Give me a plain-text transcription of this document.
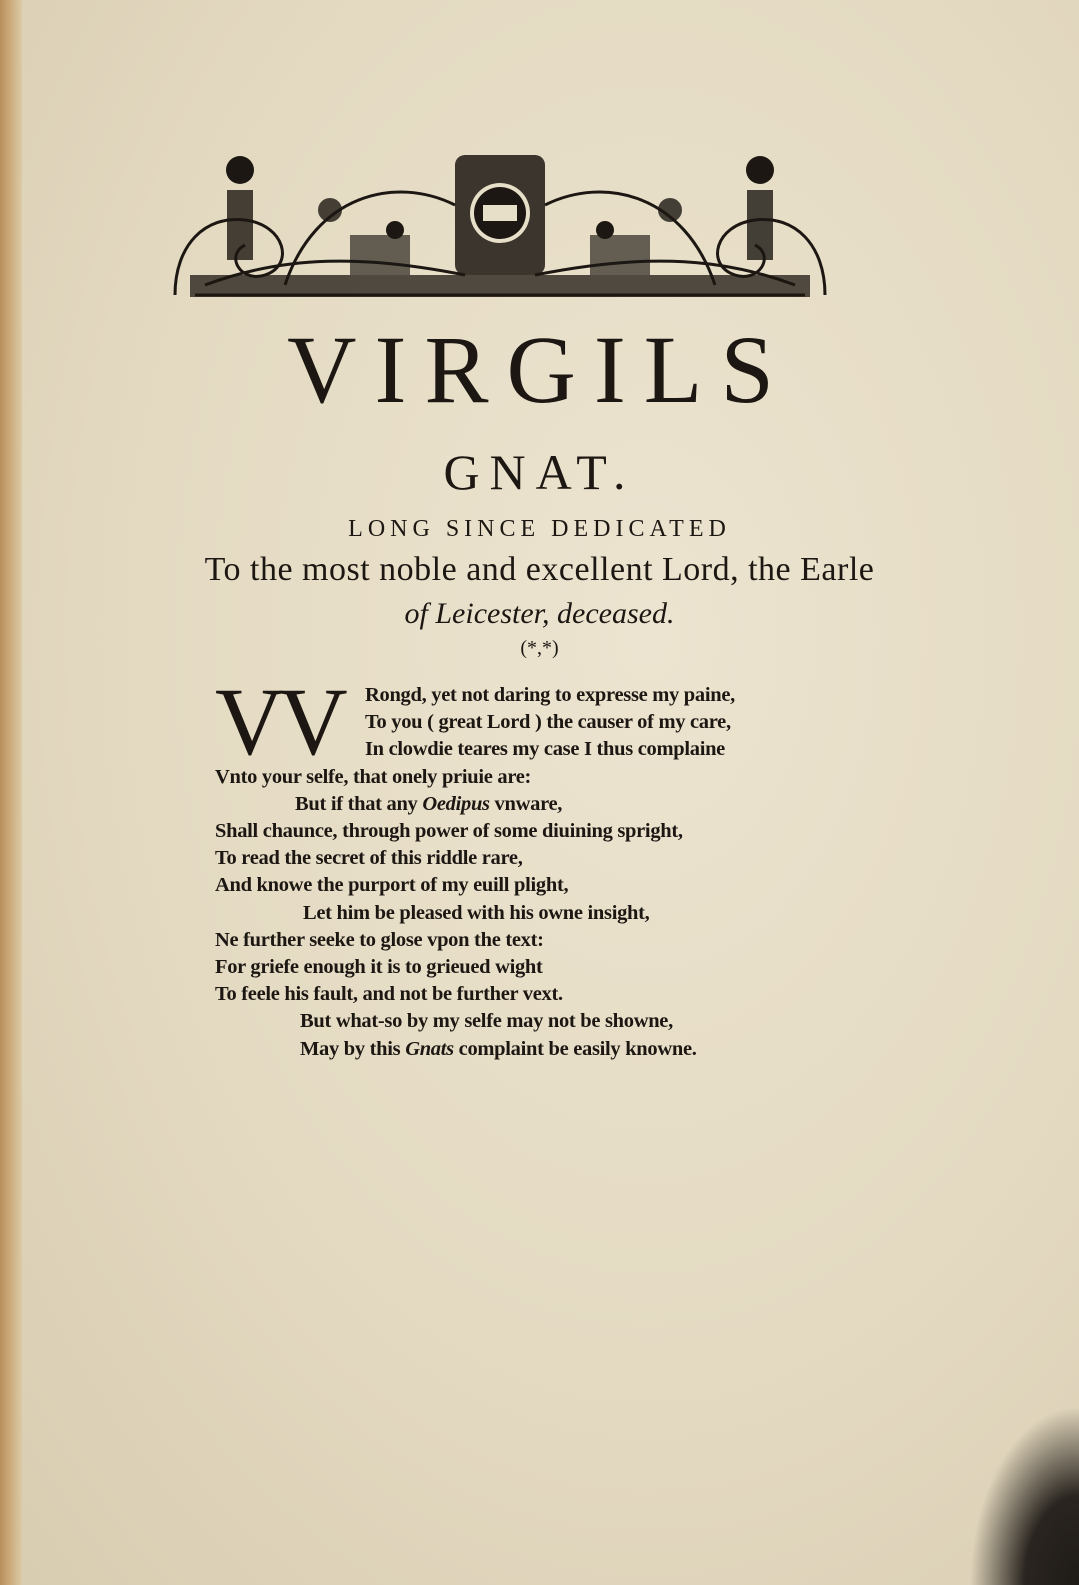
VIRGILS
GNAT.
LONG SINCE DEDICATED
To the most noble and excellent Lord, the Earle
of Leicester, deceased.
(*,*)
VV Rongd, yet not daring to expresse my paine,
To you ( great Lord ) the causer of my care,
In clowdie teares my case I thus complaine
Vnto your selfe, that onely priuie are:
But if that any Oedipus vnware,
Shall chaunce, through power of some diuining spright,
To read the secret of this riddle rare,
And knowe the purport of my euill plight,
Let him be pleased with his owne insight,
Ne further seeke to glose vpon the text:
For griefe enough it is to grieued wight
To feele his fault, and not be further vext.
But what-so by my selfe may not be showne,
May by this Gnats complaint be easily knowne.
